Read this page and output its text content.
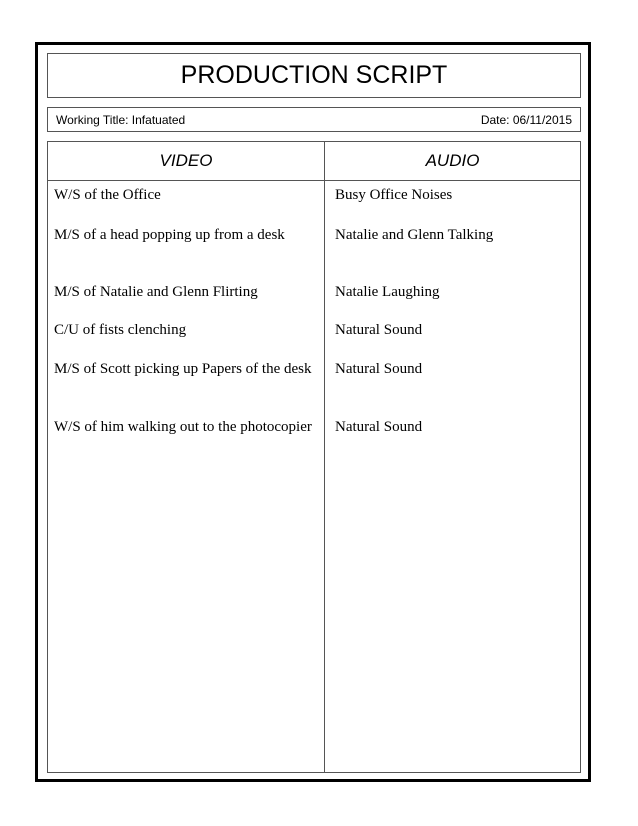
PRODUCTION SCRIPT
Working Title: Infatuated	Date: 06/11/2015
VIDEO	AUDIO
W/S of the Office
M/S of a head popping up from a desk
M/S of Natalie and Glenn Flirting
C/U of fists clenching
M/S of Scott picking up Papers of the desk
W/S of him walking out to the photocopier
Busy Office Noises
Natalie and Glenn Talking
Natalie Laughing
Natural Sound
Natural Sound
Natural Sound
